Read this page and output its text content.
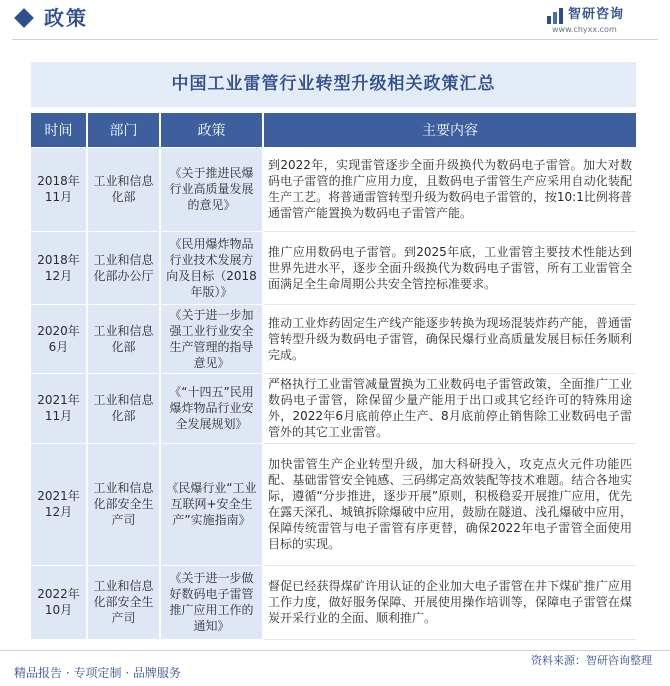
政策	智研咨询
www.chyxx.com
中国工业雷管行业转型升级相关政策汇总
时间	部门	政策	主要内容
2018年11月	工业和信息化部	《关于推进民爆行业高质量发展的意见》	到2022年，实现雷管逐步全面升级换代为数码电子雷管。加大对数码电子雷管的推广应用力度，且数码电子雷管生产应采用自动化装配生产工艺。将普通雷管转型升级为数码电子雷管的，按10:1比例将普通雷管产能置换为数码电子雷管产能。
2018年12月	工业和信息化部办公厅	《民用爆炸物品行业技术发展方向及目标（2018年版）》	推广应用数码电子雷管。到2025年底，工业雷管主要技术性能达到世界先进水平，逐步全面升级换代为数码电子雷管，所有工业雷管全面满足全生命周期公共安全管控标准要求。
2020年6月	工业和信息化部	《关于进一步加强工业行业安全生产管理的指导意见》	推动工业炸药固定生产线产能逐步转换为现场混装炸药产能，普通雷管转型升级为数码电子雷管，确保民爆行业高质量发展目标任务顺利完成。
2021年11月	工业和信息化部	《“十四五”民用爆炸物品行业安全发展规划》	严格执行工业雷管减量置换为工业数码电子雷管政策，全面推广工业数码电子雷管，除保留少量产能用于出口或其它经许可的特殊用途外，2022年6月底前停止生产、8月底前停止销售除工业数码电子雷管外的其它工业雷管。
2021年12月	工业和信息化部安全生产司	《民爆行业“工业互联网+安全生产”实施指南》	加快雷管生产企业转型升级，加大科研投入，攻克点火元件功能匹配、基础雷管安全钝感、三码绑定高效装配等技术难题。结合各地实际，遵循“分步推进，逐步开展”原则，积极稳妥开展推广应用，优先在露天深孔、城镇拆除爆破中应用，鼓励在隧道、浅孔爆破中应用，保障传统雷管与电子雷管有序更替，确保2022年电子雷管全面使用目标的实现。
2022年10月	工业和信息化部安全生产司	《关于进一步做好数码电子雷管推广应用工作的通知》	督促已经获得煤矿许用认证的企业加大电子雷管在井下煤矿推广应用工作力度，做好服务保障、开展使用操作培训等，保障电子雷管在煤炭开采行业的全面、顺利推广。
精品报告 · 专项定制 · 品牌服务
资料来源：智研咨询整理
